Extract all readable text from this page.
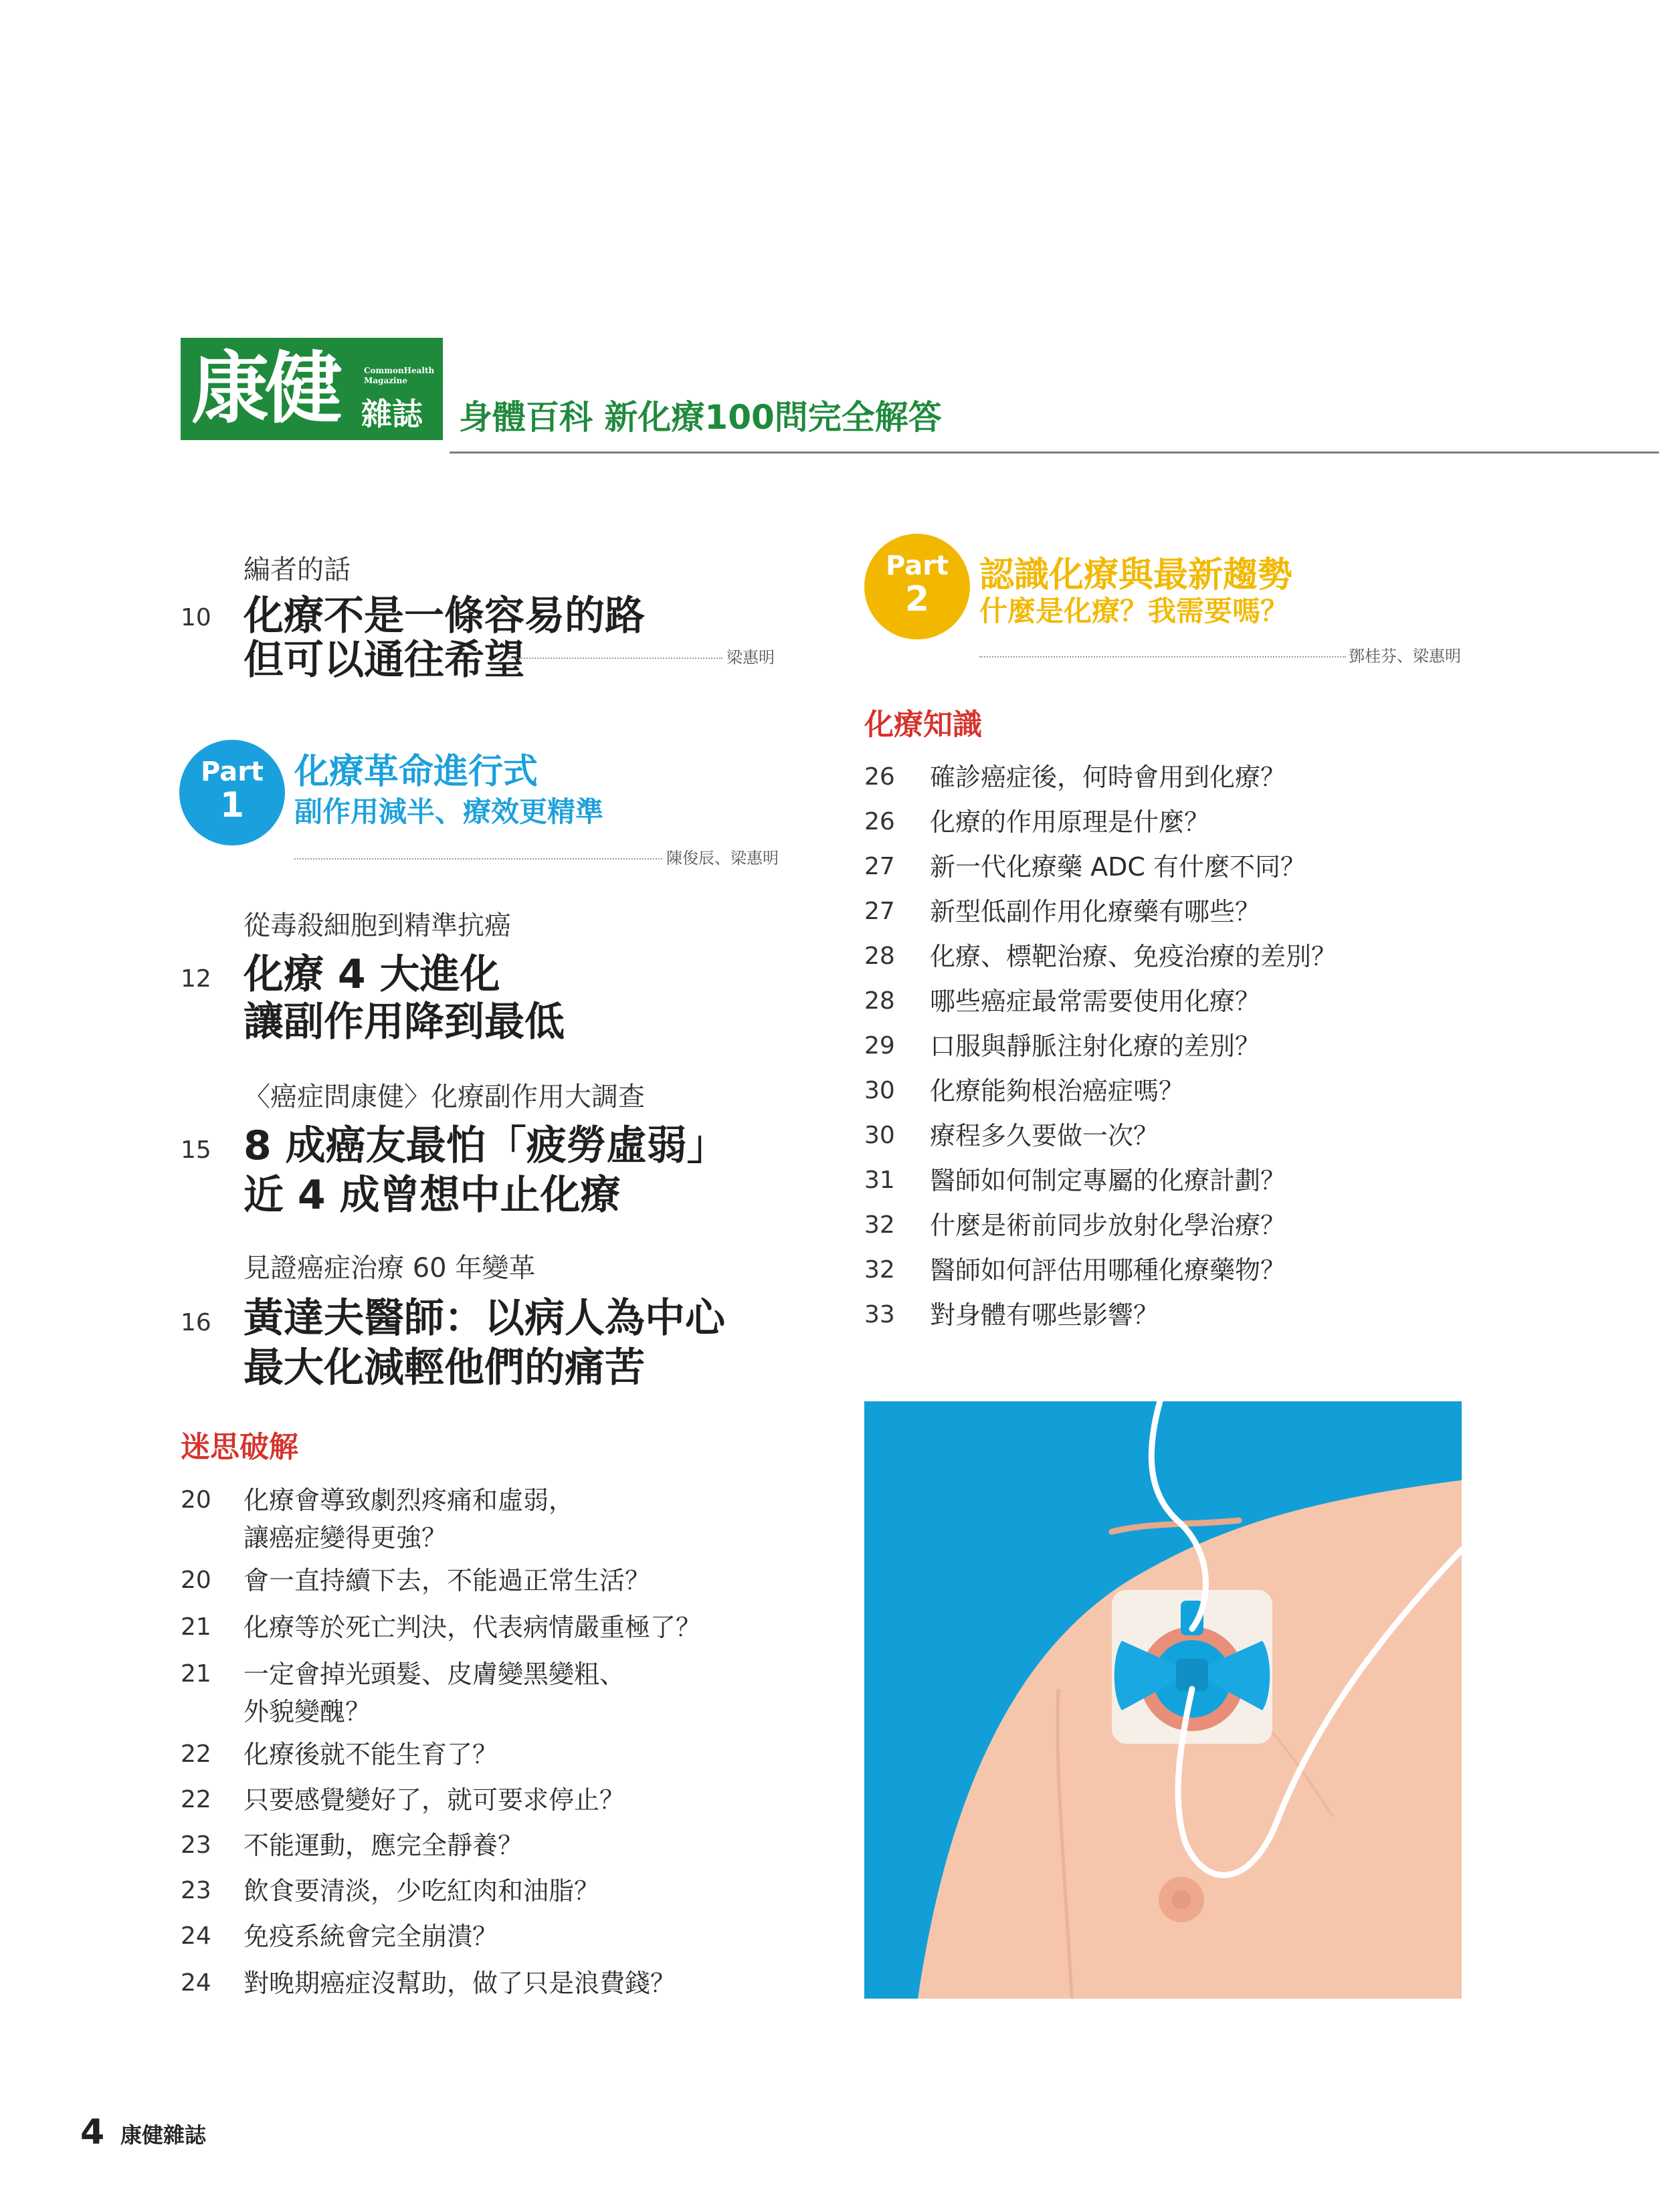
康健	CommonHealth Magazine
雜誌 身體百科 新化療100問完全解答
編者的話
10 化療不是一條容易的路
但可以通往希望	梁惠明
Part
1
化療革命進行式
副作用減半、療效更精準
陳俊辰、梁惠明
從毒殺細胞到精準抗癌
12 化療 4 大進化
讓副作用降到最低
〈癌症問康健〉化療副作用大調查
15 8 成癌友最怕「疲勞虛弱」
近 4 成曾想中止化療
見證癌症治療 60 年變革
16 黃達夫醫師：以病人為中心
最大化減輕他們的痛苦
迷思破解
20 化療會導致劇烈疼痛和虛弱，
讓癌症變得更強？
20 會一直持續下去，不能過正常生活？
21 化療等於死亡判決，代表病情嚴重極了？
21 一定會掉光頭髮、皮膚變黑變粗、
外貌變醜？
22 化療後就不能生育了？
22 只要感覺變好了，就可要求停止？
23 不能運動，應完全靜養？
23 飲食要清淡，少吃紅肉和油脂？
24 免疫系統會完全崩潰？
24 對晚期癌症沒幫助，做了只是浪費錢？
Part
2
認識化療與最新趨勢
什麼是化療？我需要嗎？
鄧桂芬、梁惠明
化療知識
26 確診癌症後，何時會用到化療？
26 化療的作用原理是什麼？
27 新一代化療藥 ADC 有什麼不同？
27 新型低副作用化療藥有哪些？
28 化療、標靶治療、免疫治療的差別？
28 哪些癌症最常需要使用化療？
29 口服與靜脈注射化療的差別？
30 化療能夠根治癌症嗎？
30 療程多久要做一次？
31 醫師如何制定專屬的化療計劃？
32 什麼是術前同步放射化學治療？
32 醫師如何評估用哪種化療藥物？
33 對身體有哪些影響？
4 康健雜誌
